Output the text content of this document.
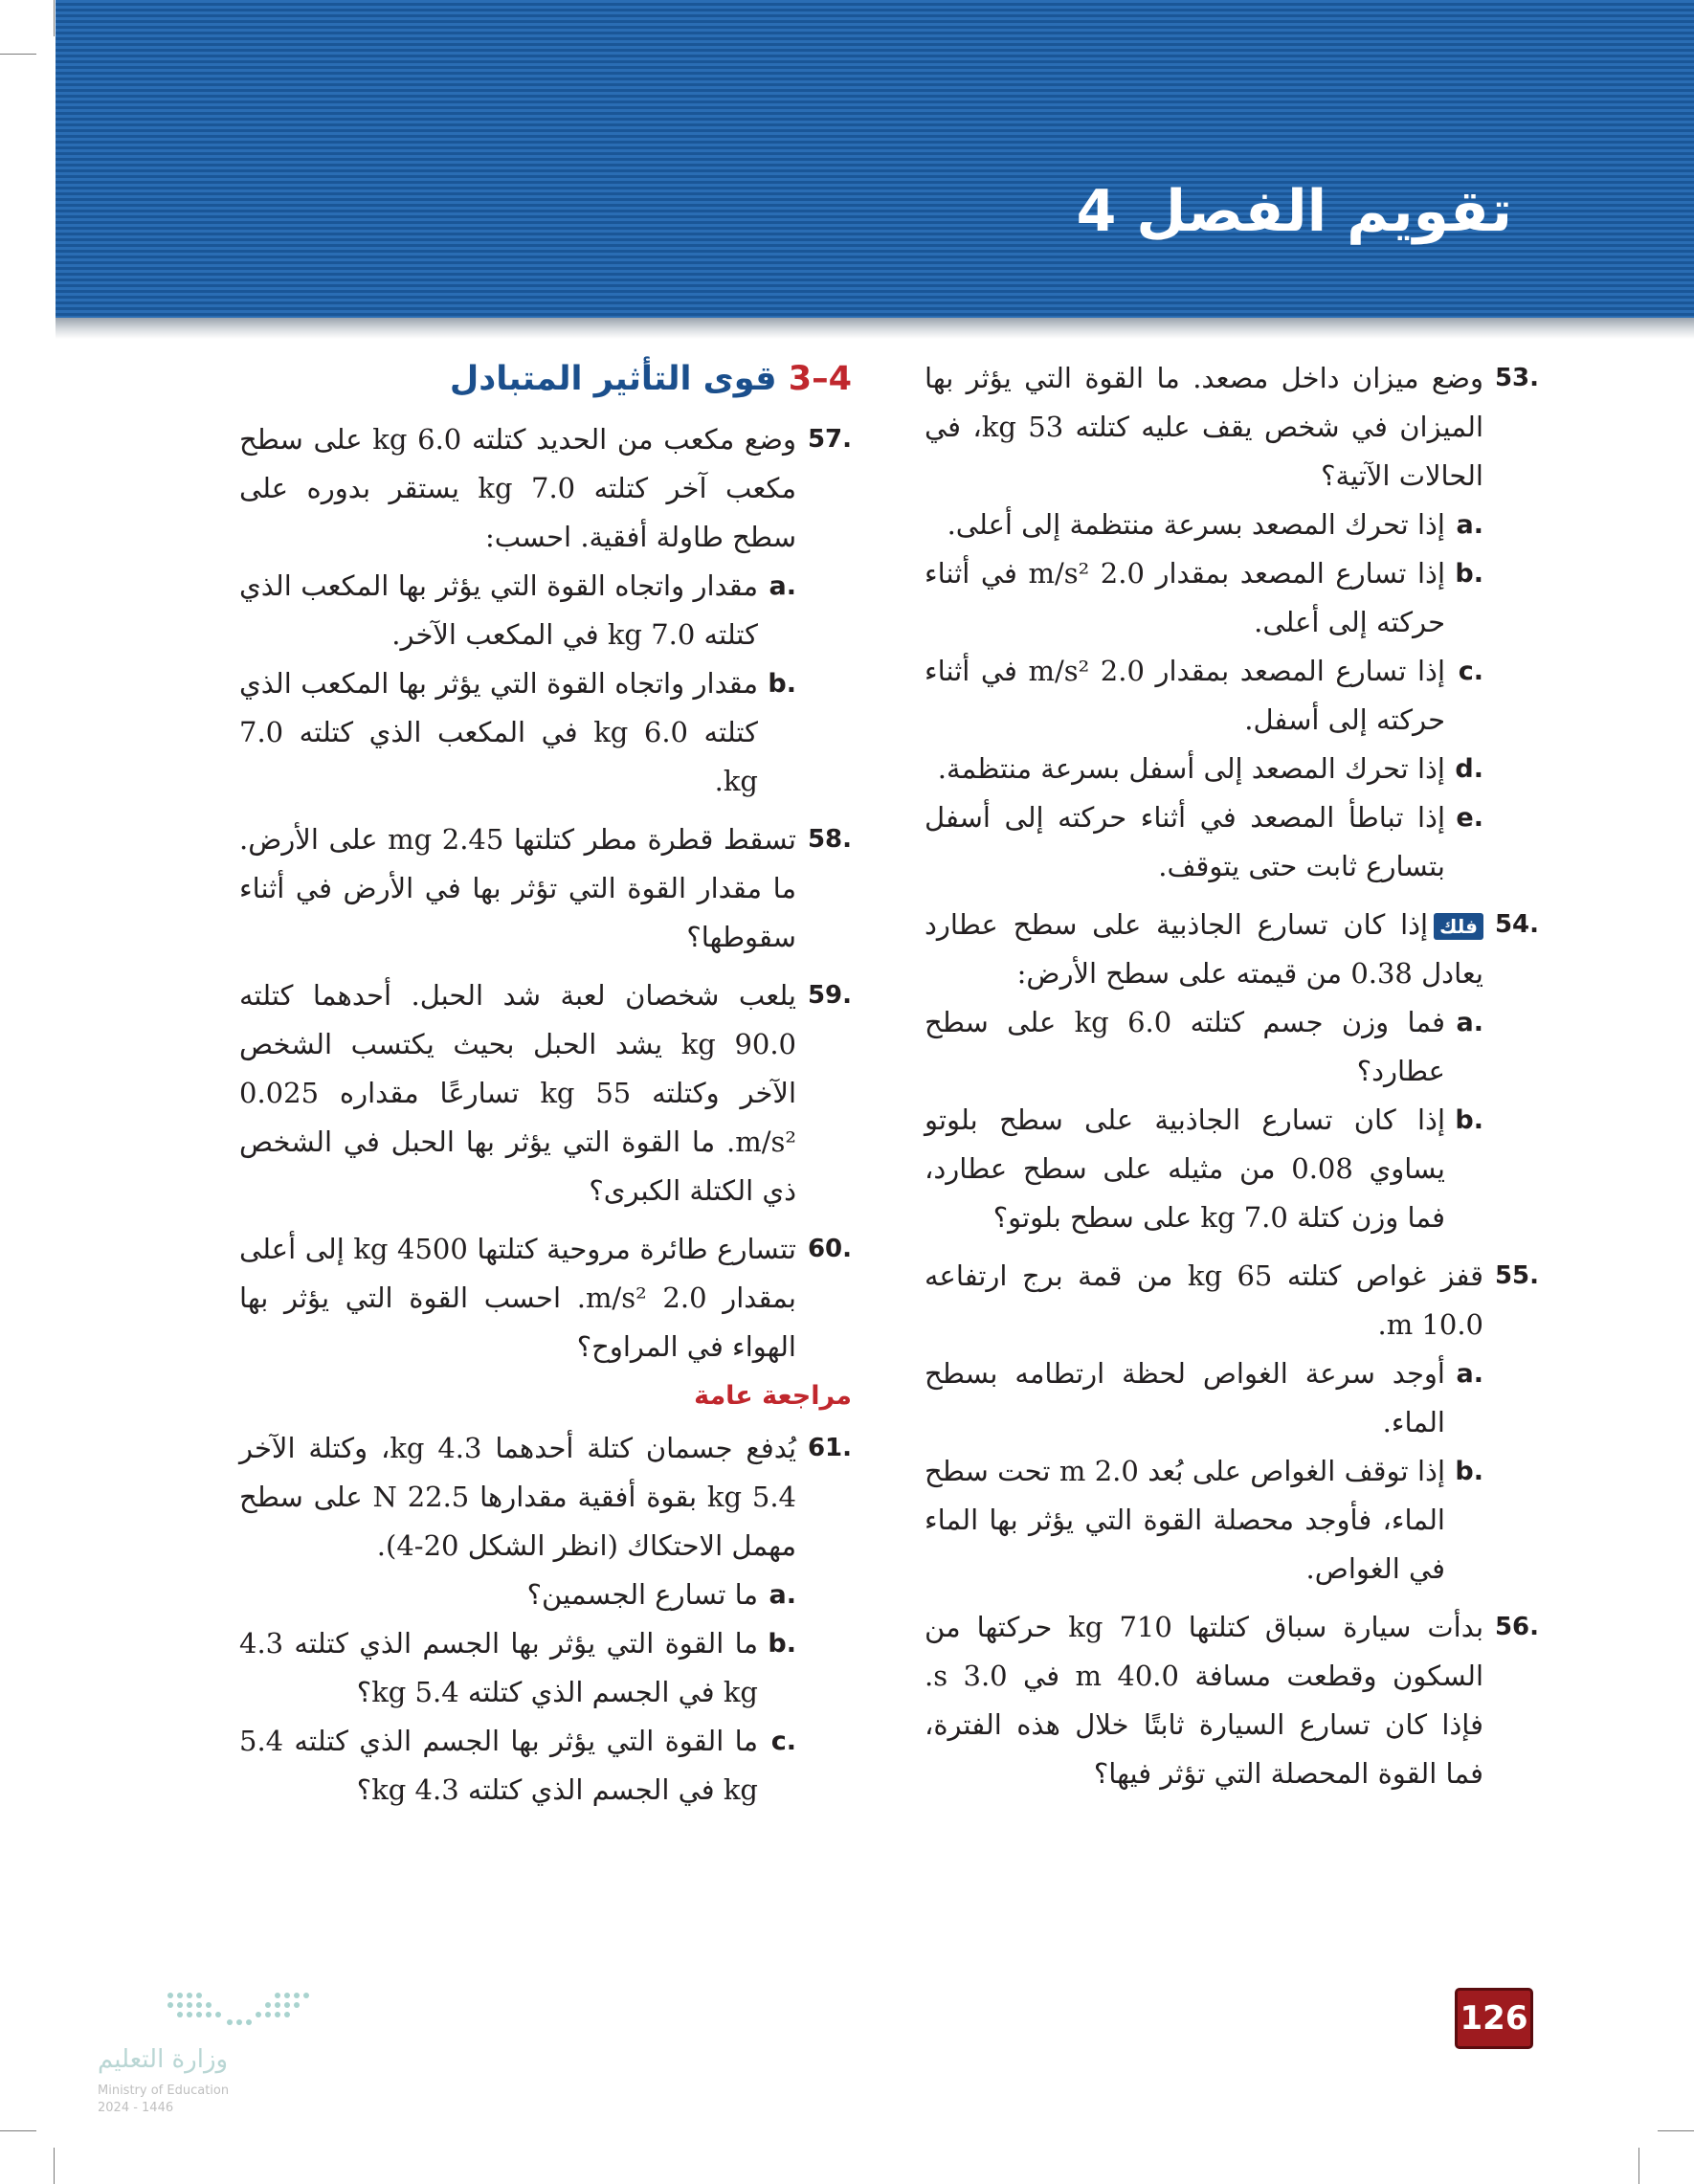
تقويم الفصل 4
53.
وضع ميزان داخل مصعد. ما القوة التي يؤثر بها الميزان في شخص يقف عليه كتلته 53 kg، في الحالات الآتية؟
a.
إذا تحرك المصعد بسرعة منتظمة إلى أعلى.
b.
إذا تسارع المصعد بمقدار 2.0 m/s² في أثناء حركته إلى أعلى.
c.
إذا تسارع المصعد بمقدار 2.0 m/s² في أثناء حركته إلى أسفل.
d.
إذا تحرك المصعد إلى أسفل بسرعة منتظمة.
e.
إذا تباطأ المصعد في أثناء حركته إلى أسفل بتسارع ثابت حتى يتوقف.
54.
فلكإذا كان تسارع الجاذبية على سطح عطارد يعادل 0.38 من قيمته على سطح الأرض:
a.
فما وزن جسم كتلته 6.0 kg على سطح عطارد؟
b.
إذا كان تسارع الجاذبية على سطح بلوتو يساوي 0.08 من مثيله على سطح عطارد، فما وزن كتلة 7.0 kg على سطح بلوتو؟
55.
قفز غواص كتلته 65 kg من قمة برج ارتفاعه 10.0 m.
a.
أوجد سرعة الغواص لحظة ارتطامه بسطح الماء.
b.
إذا توقف الغواص على بُعد 2.0 m تحت سطح الماء، فأوجد محصلة القوة التي يؤثر بها الماء في الغواص.
56.
بدأت سيارة سباق كتلتها 710 kg حركتها من السكون وقطعت مسافة 40.0 m في 3.0 s. فإذا كان تسارع السيارة ثابتًا خلال هذه الفترة، فما القوة المحصلة التي تؤثر فيها؟
4–3 قوى التأثير المتبادل
57.
وضع مكعب من الحديد كتلته 6.0 kg على سطح مكعب آخر كتلته 7.0 kg يستقر بدوره على سطح طاولة أفقية. احسب:
a.
مقدار واتجاه القوة التي يؤثر بها المكعب الذي كتلته 7.0 kg في المكعب الآخر.
b.
مقدار واتجاه القوة التي يؤثر بها المكعب الذي كتلته 6.0 kg في المكعب الذي كتلته 7.0 kg.
58.
تسقط قطرة مطر كتلتها 2.45 mg على الأرض. ما مقدار القوة التي تؤثر بها في الأرض في أثناء سقوطها؟
59.
يلعب شخصان لعبة شد الحبل. أحدهما كتلته 90.0 kg يشد الحبل بحيث يكتسب الشخص الآخر وكتلته 55 kg تسارعًا مقداره 0.025 m/s². ما القوة التي يؤثر بها الحبل في الشخص ذي الكتلة الكبرى؟
60.
تتسارع طائرة مروحية كتلتها 4500 kg إلى أعلى بمقدار 2.0 m/s². احسب القوة التي يؤثر بها الهواء في المراوح؟
مراجعة عامة
61.
يُدفع جسمان كتلة أحدهما 4.3 kg، وكتلة الآخر 5.4 kg بقوة أفقية مقدارها 22.5 N على سطح مهمل الاحتكاك (انظر الشكل 20-4).
a.
ما تسارع الجسمين؟
b.
ما القوة التي يؤثر بها الجسم الذي كتلته 4.3 kg في الجسم الذي كتلته 5.4 kg؟
c.
ما القوة التي يؤثر بها الجسم الذي كتلته 5.4 kg في الجسم الذي كتلته 4.3 kg؟
126
وزارة التعليم
Ministry of Education
2024 - 1446
